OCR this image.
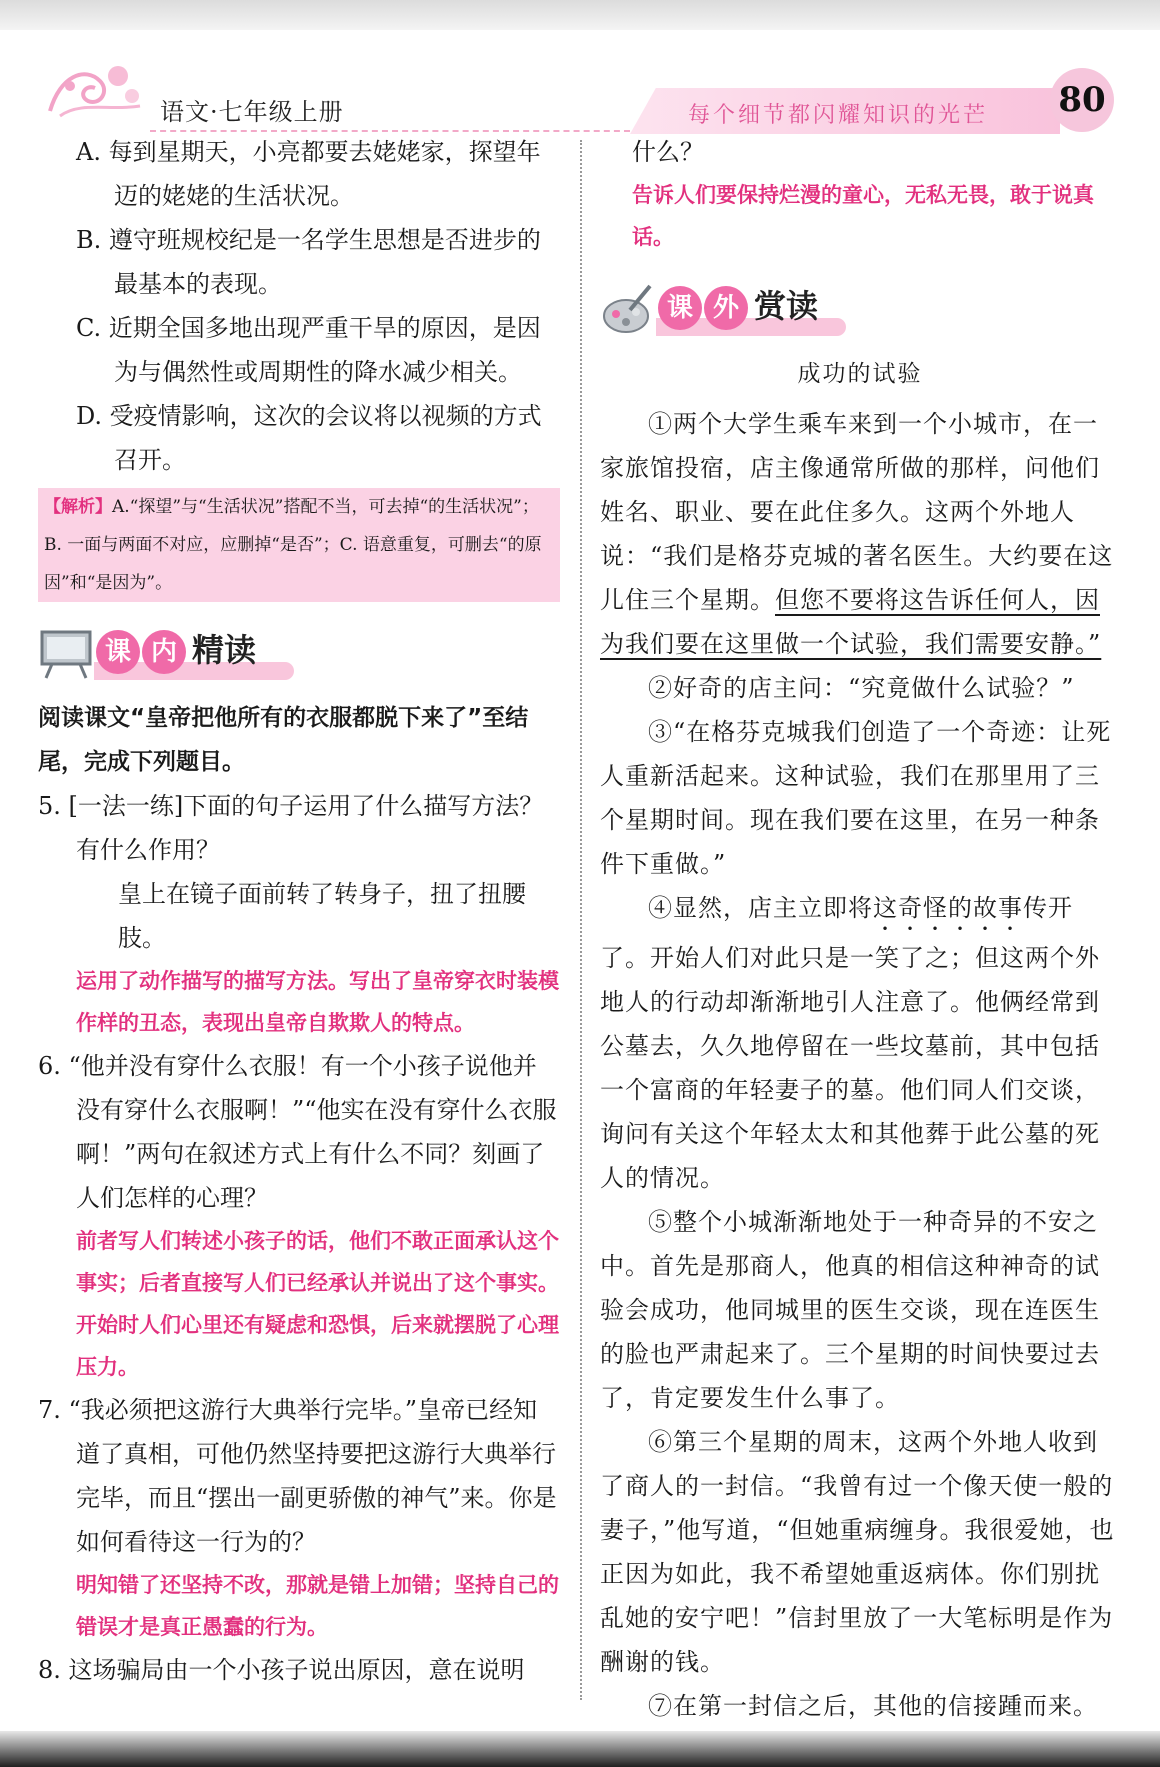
语文·七年级上册	每个细节都闪耀知识的光芒 80
A. 每到星期天，小亮都要去姥姥家，探望年迈的姥姥的生活状况。
B. 遵守班规校纪是一名学生思想是否进步的最基本的表现。
C. 近期全国多地出现严重干旱的原因，是因为与偶然性或周期性的降水减少相关。
D. 受疫情影响，这次的会议将以视频的方式召开。
【解析】A.“探望”与“生活状况”搭配不当，可去掉“的生活状况”；B. 一面与两面不对应，应删掉“是否”；C. 语意重复，可删去“的原因”和“是因为”。
课 内 精读
阅读课文“皇帝把他所有的衣服都脱下来了”至结尾，完成下列题目。
5. [一法一练]下面的句子运用了什么描写方法？有什么作用？
皇上在镜子面前转了转身子，扭了扭腰肢。
运用了动作描写的描写方法。写出了皇帝穿衣时装模作样的丑态，表现出皇帝自欺欺人的特点。
6. “他并没有穿什么衣服！有一个小孩子说他并没有穿什么衣服啊！”“他实在没有穿什么衣服啊！”两句在叙述方式上有什么不同？刻画了人们怎样的心理？
前者写人们转述小孩子的话，他们不敢正面承认这个事实；后者直接写人们已经承认并说出了这个事实。开始时人们心里还有疑虑和恐惧，后来就摆脱了心理压力。
7. “我必须把这游行大典举行完毕。”皇帝已经知道了真相，可他仍然坚持要把这游行大典举行完毕，而且“摆出一副更骄傲的神气”来。你是如何看待这一行为的？
明知错了还坚持不改，那就是错上加错；坚持自己的错误才是真正愚蠢的行为。
8. 这场骗局由一个小孩子说出原因，意在说明
什么？
告诉人们要保持烂漫的童心，无私无畏，敢于说真话。
课 外 赏读
成功的试验
①两个大学生乘车来到一个小城市，在一家旅馆投宿，店主像通常所做的那样，问他们姓名、职业、要在此住多久。这两个外地人说：“我们是格芬克城的著名医生。大约要在这儿住三个星期。但您不要将这告诉任何人，因为我们要在这里做一个试验，我们需要安静。”
②好奇的店主问：“究竟做什么试验？”
③“在格芬克城我们创造了一个奇迹：让死人重新活起来。这种试验，我们在那里用了三个星期时间。现在我们要在这里，在另一种条件下重做。”
④显然，店主立即将这奇怪的故事传开了。开始人们对此只是一笑了之；但这两个外地人的行动却渐渐地引人注意了。他俩经常到公墓去，久久地停留在一些坟墓前，其中包括一个富商的年轻妻子的墓。他们同人们交谈，询问有关这个年轻太太和其他葬于此公墓的死人的情况。
⑤整个小城渐渐地处于一种奇异的不安之中。首先是那商人，他真的相信这种神奇的试验会成功，他同城里的医生交谈，现在连医生的脸也严肃起来了。三个星期的时间快要过去了，肯定要发生什么事了。
⑥第三个星期的周末，这两个外地人收到了商人的一封信。“我曾有过一个像天使一般的妻子，”他写道，“但她重病缠身。我很爱她，也正因为如此，我不希望她重返病体。你们别扰乱她的安宁吧！”信封里放了一大笔标明是作为酬谢的钱。
⑦在第一封信之后，其他的信接踵而来。
